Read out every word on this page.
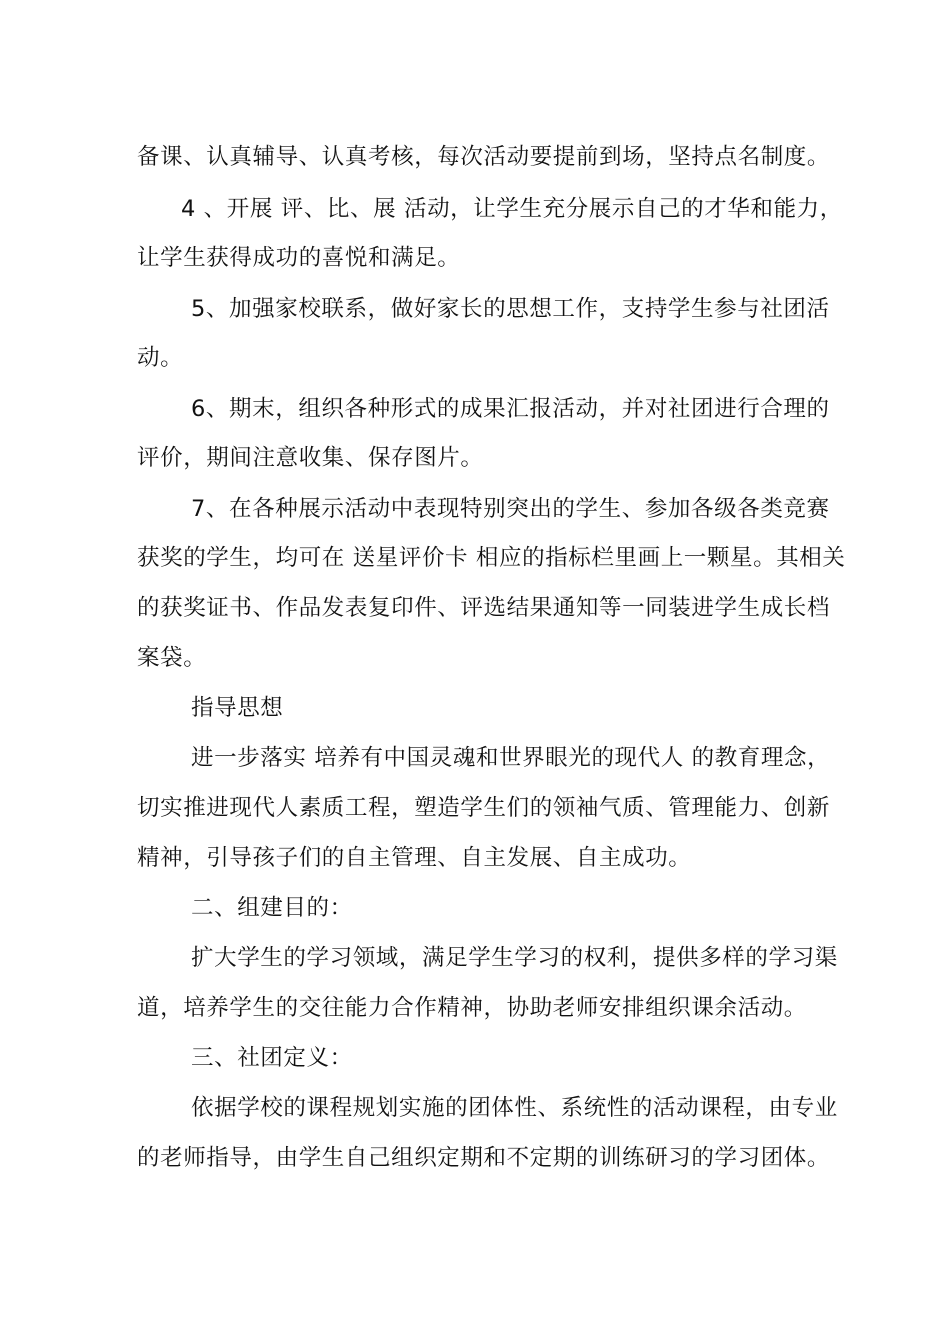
备课、认真辅导、认真考核，每次活动要提前到场，坚持点名制度。
4 、开展 评、比、展 活动，让学生充分展示自己的才华和能力，
让学生获得成功的喜悦和满足。
5、加强家校联系，做好家长的思想工作，支持学生参与社团活
动。
6、期末，组织各种形式的成果汇报活动，并对社团进行合理的
评价，期间注意收集、保存图片。
7、在各种展示活动中表现特别突出的学生、参加各级各类竞赛
获奖的学生，均可在 送星评价卡 相应的指标栏里画上一颗星。其相关
的获奖证书、作品发表复印件、评选结果通知等一同装进学生成长档
案袋。
指导思想
进一步落实 培养有中国灵魂和世界眼光的现代人 的教育理念，
切实推进现代人素质工程，塑造学生们的领袖气质、管理能力、创新
精神，引导孩子们的自主管理、自主发展、自主成功。
二、组建目的：
扩大学生的学习领域，满足学生学习的权利，提供多样的学习渠
道，培养学生的交往能力合作精神，协助老师安排组织课余活动。
三、社团定义：
依据学校的课程规划实施的团体性、系统性的活动课程，由专业
的老师指导，由学生自己组织定期和不定期的训练研习的学习团体。
